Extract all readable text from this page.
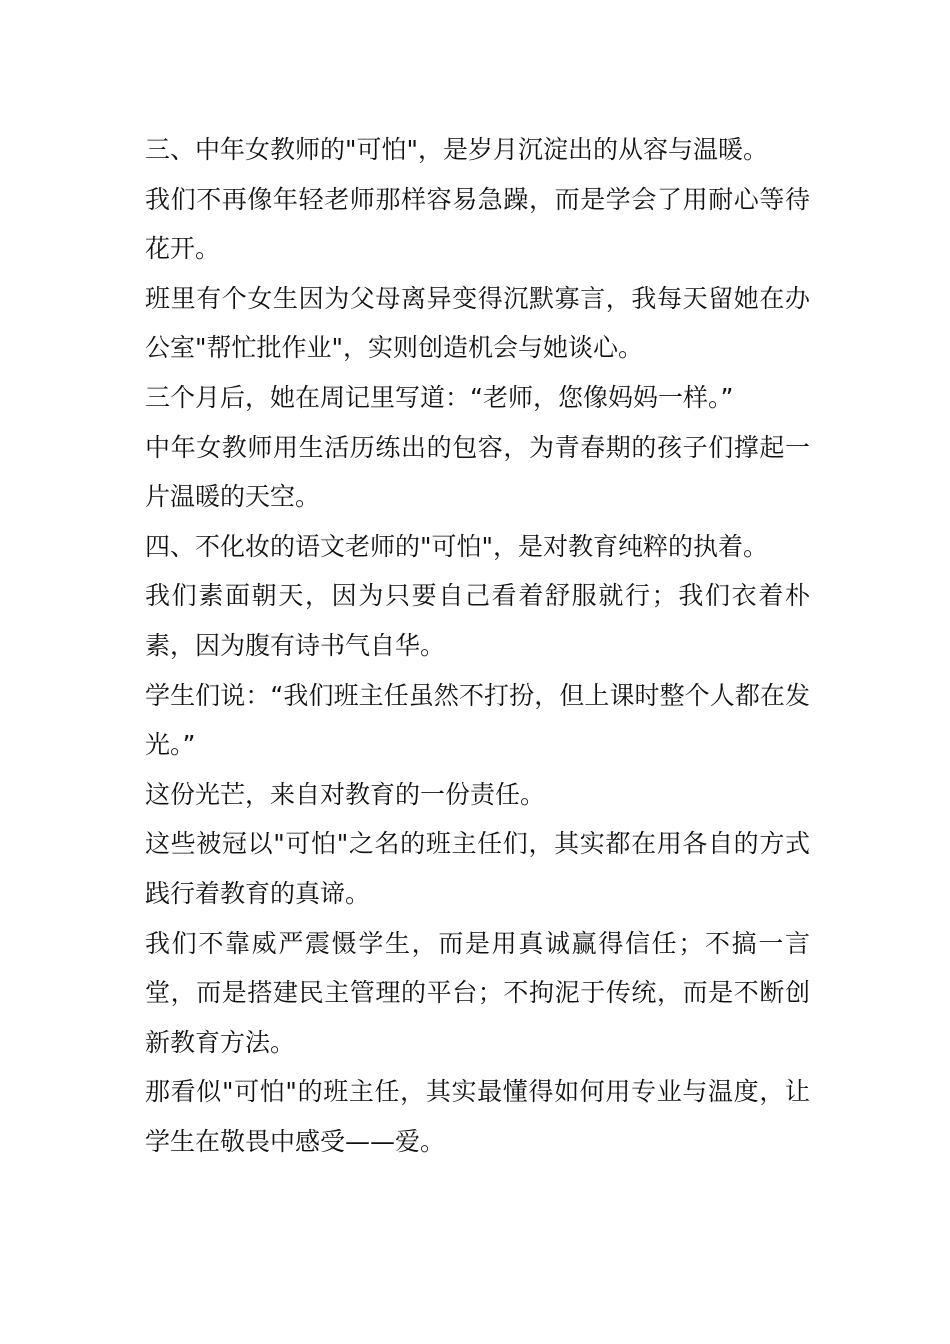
三、中年女教师的"可怕"，是岁月沉淀出的从容与温暖。

我们不再像年轻老师那样容易急躁，而是学会了用耐心等待花开。

班里有个女生因为父母离异变得沉默寡言，我每天留她在办公室"帮忙批作业"，实则创造机会与她谈心。

三个月后，她在周记里写道：“老师，您像妈妈一样。”

中年女教师用生活历练出的包容，为青春期的孩子们撑起一片温暖的天空。

四、不化妆的语文老师的"可怕"，是对教育纯粹的执着。

我们素面朝天，因为只要自己看着舒服就行；我们衣着朴素，因为腹有诗书气自华。

学生们说：“我们班主任虽然不打扮，但上课时整个人都在发光。”

这份光芒，来自对教育的一份责任。

这些被冠以"可怕"之名的班主任们，其实都在用各自的方式践行着教育的真谛。

我们不靠威严震慑学生，而是用真诚赢得信任；不搞一言堂，而是搭建民主管理的平台；不拘泥于传统，而是不断创新教育方法。

那看似"可怕"的班主任，其实最懂得如何用专业与温度，让学生在敬畏中感受——爱。
